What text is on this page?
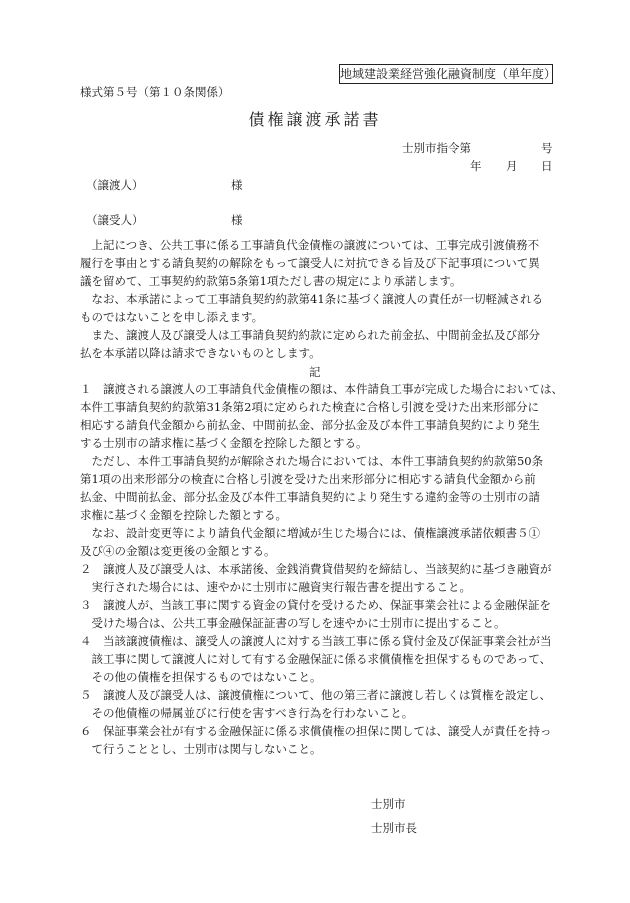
地域建設業経営強化融資制度（単年度）
様式第５号（第１０条関係）
債権譲渡承諾書
士別市指令第	号
年 月 日
（譲渡人）	様
（譲受人）	様
　上記につき、公共工事に係る工事請負代金債権の譲渡については、工事完成引渡債務不
履行を事由とする請負契約の解除をもって譲受人に対抗できる旨及び下記事項について異
議を留めて、工事契約約款第5条第1項ただし書の規定により承諾します。
　なお、本承諾によって工事請負契約約款第41条に基づく譲渡人の責任が一切軽減される
ものではないことを申し添えます。
　また、譲渡人及び譲受人は工事請負契約約款に定められた前金払、中間前金払及び部分
払を本承諾以降は請求できないものとします。
記
１　譲渡される譲渡人の工事請負代金債権の額は、本件請負工事が完成した場合においては、
本件工事請負契約約款第31条第2項に定められた検査に合格し引渡を受けた出来形部分に
相応する請負代金額から前払金、中間前払金、部分払金及び本件工事請負契約により発生
する士別市の請求権に基づく金額を控除した額とする。
　ただし、本件工事請負契約が解除された場合においては、本件工事請負契約約款第50条
第1項の出来形部分の検査に合格し引渡を受けた出来形部分に相応する請負代金額から前
払金、中間前払金、部分払金及び本件工事請負契約により発生する違約金等の士別市の請
求権に基づく金額を控除した額とする。
　なお、設計変更等により請負代金額に増減が生じた場合には、債権譲渡承諾依頼書５①
及び④の金額は変更後の金額とする。
２　譲渡人及び譲受人は、本承諾後、金銭消費貸借契約を締結し、当該契約に基づき融資が
　実行された場合には、速やかに士別市に融資実行報告書を提出すること。
３　譲渡人が、当該工事に関する資金の貸付を受けるため、保証事業会社による金融保証を
　受けた場合は、公共工事金融保証証書の写しを速やかに士別市に提出すること。
４　当該譲渡債権は、譲受人の譲渡人に対する当該工事に係る貸付金及び保証事業会社が当
　該工事に関して譲渡人に対して有する金融保証に係る求償債権を担保するものであって、
　その他の債権を担保するものではないこと。
５　譲渡人及び譲受人は、譲渡債権について、他の第三者に譲渡し若しくは質権を設定し、
　その他債権の帰属並びに行使を害すべき行為を行わないこと。
６　保証事業会社が有する金融保証に係る求償債権の担保に関しては、譲受人が責任を持っ
　て行うこととし、士別市は関与しないこと。
士別市
士別市長
